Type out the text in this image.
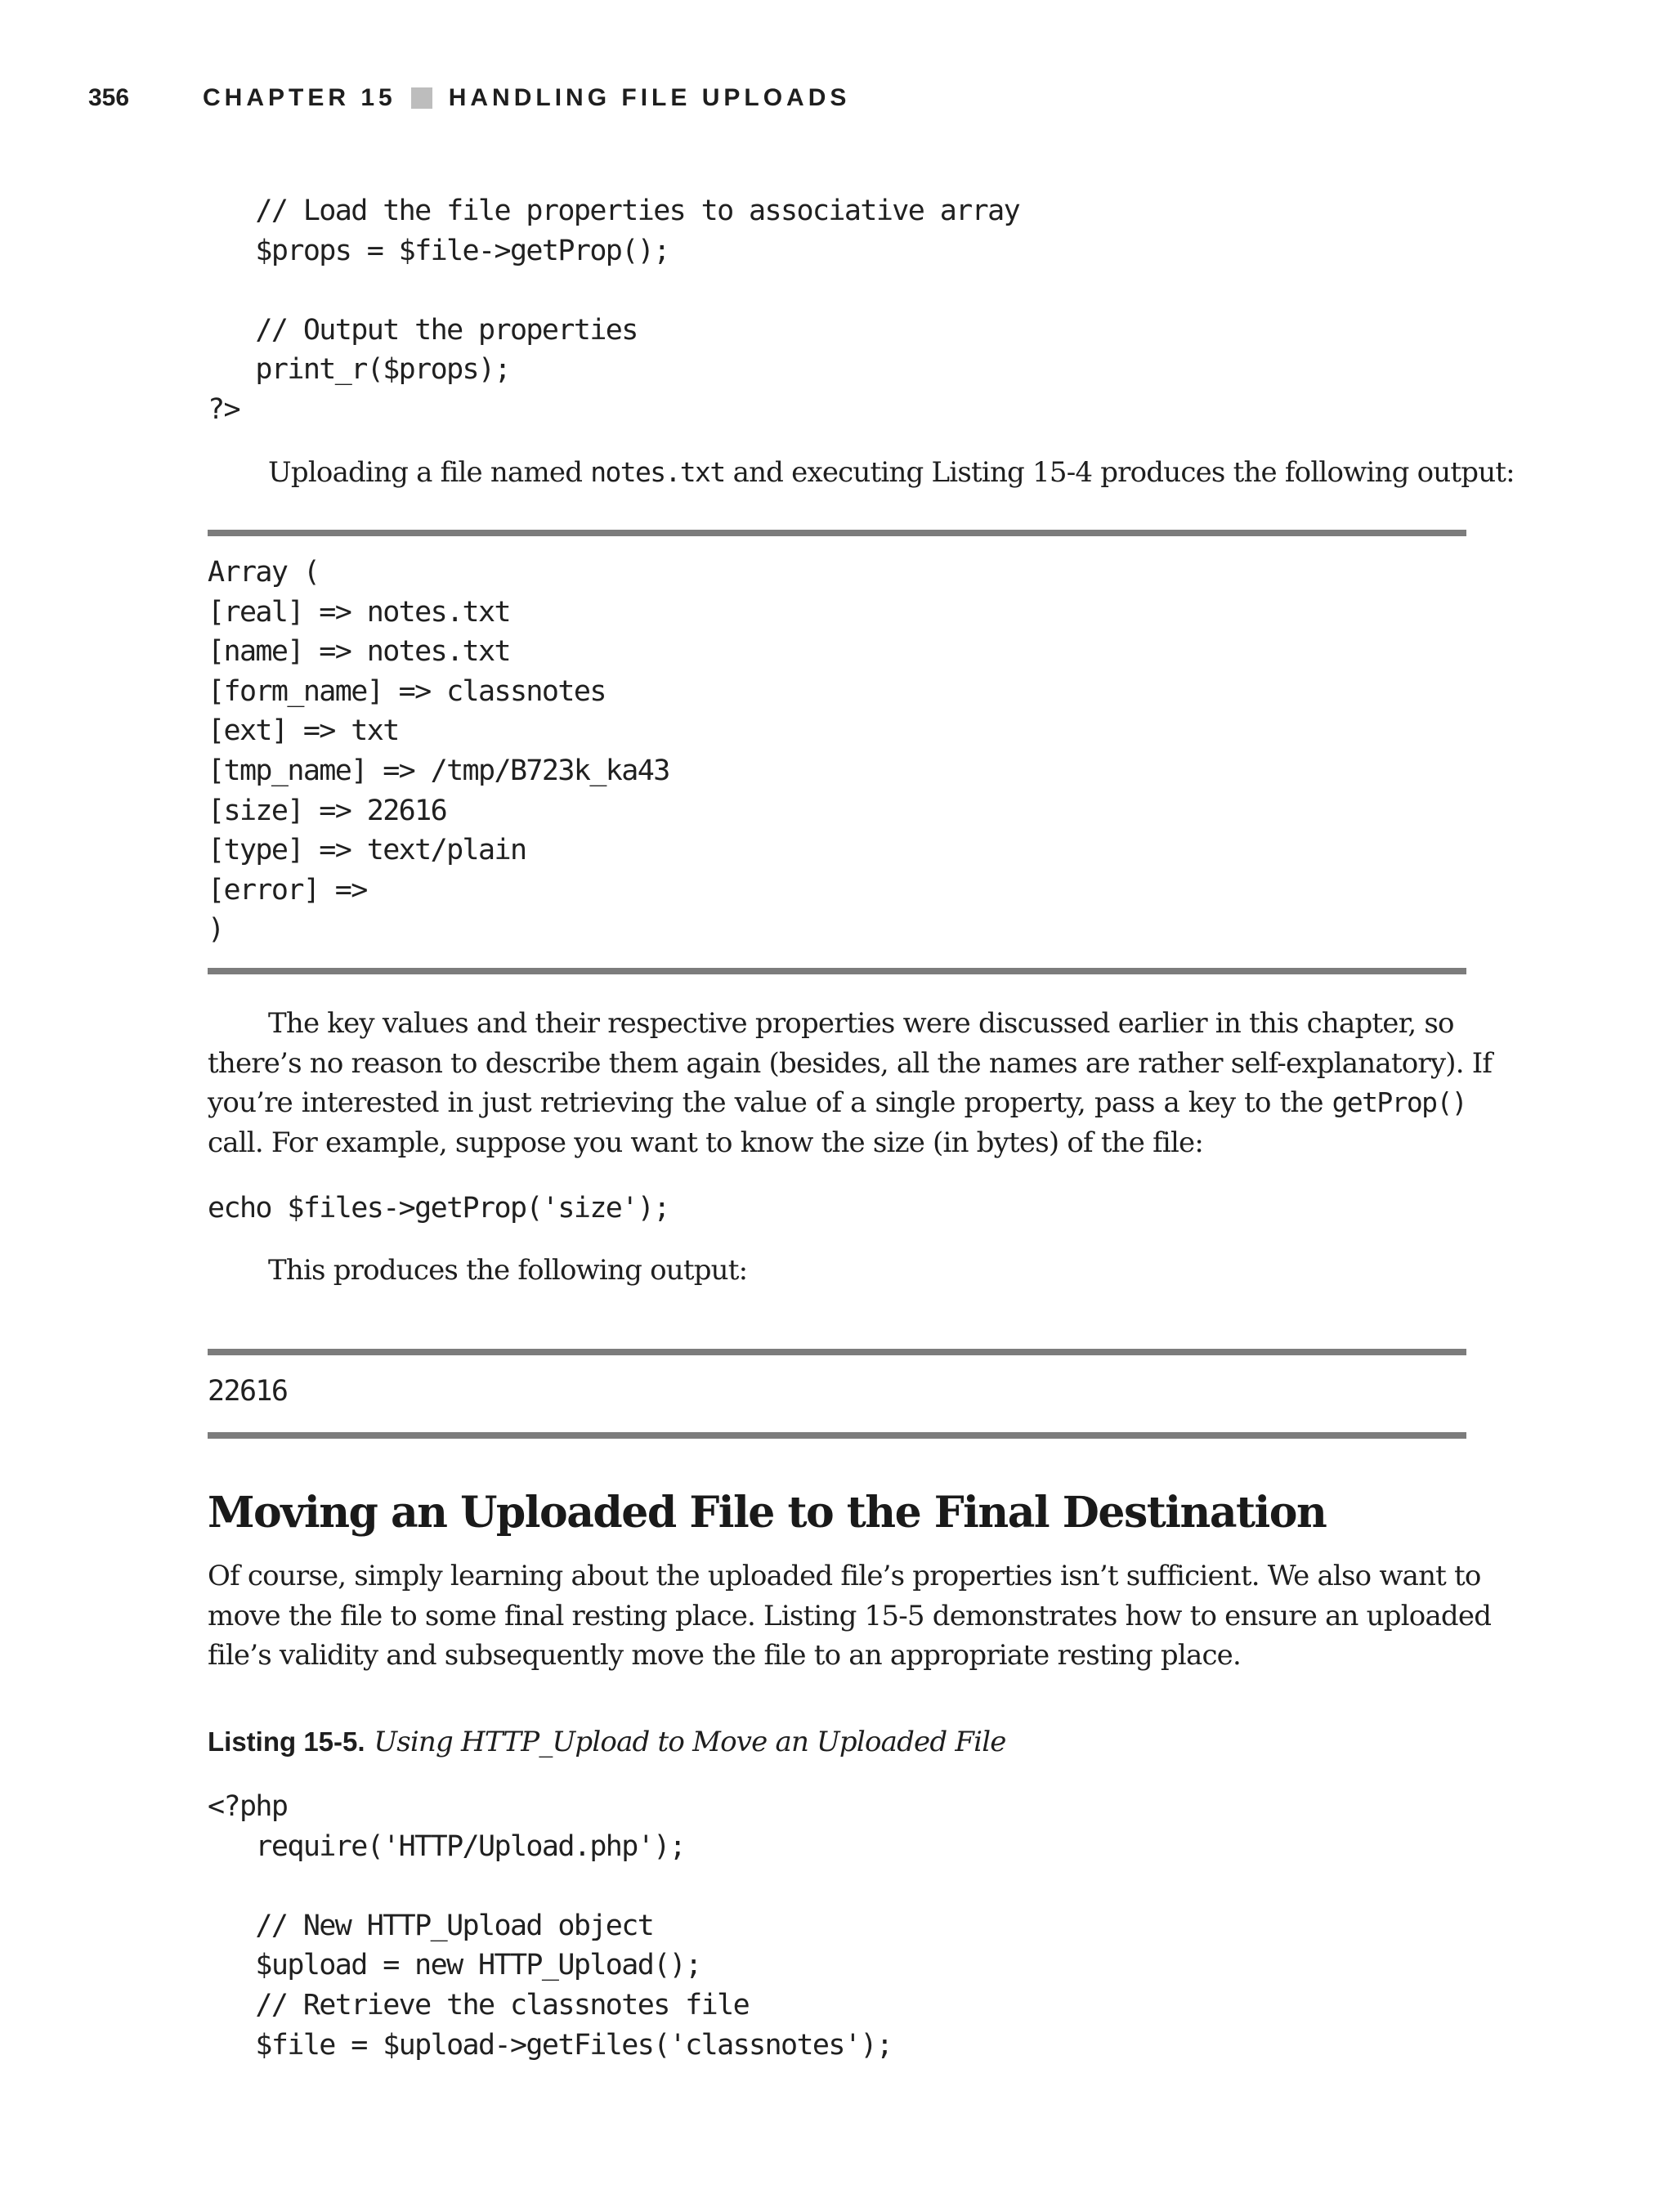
356	CHAPTER 15 HANDLING FILE UPLOADS
// Load the file properties to associative array
$props = $file->getProp();

// Output the properties
print_r($props);
?>

Uploading a file named notes.txt and executing Listing 15-4 produces the following output:

Array (
[real] => notes.txt
[name] => notes.txt
[form_name] => classnotes
[ext] => txt
[tmp_name] => /tmp/B723k_ka43
[size] => 22616
[type] => text/plain
[error] =>
)

The key values and their respective properties were discussed earlier in this chapter, so
there’s no reason to describe them again (besides, all the names are rather self-explanatory). If
you’re interested in just retrieving the value of a single property, pass a key to the getProp()
call. For example, suppose you want to know the size (in bytes) of the file:

echo $files->getProp('size');

This produces the following output:

22616
Moving an Uploaded File to the Final Destination

Of course, simply learning about the uploaded file’s properties isn’t sufficient. We also want to
move the file to some final resting place. Listing 15-5 demonstrates how to ensure an uploaded
file’s validity and subsequently move the file to an appropriate resting place.

Listing 15-5. Using HTTP_Upload to Move an Uploaded File
<?php
require('HTTP/Upload.php');

// New HTTP_Upload object
$upload = new HTTP_Upload();
// Retrieve the classnotes file
$file = $upload->getFiles('classnotes');
